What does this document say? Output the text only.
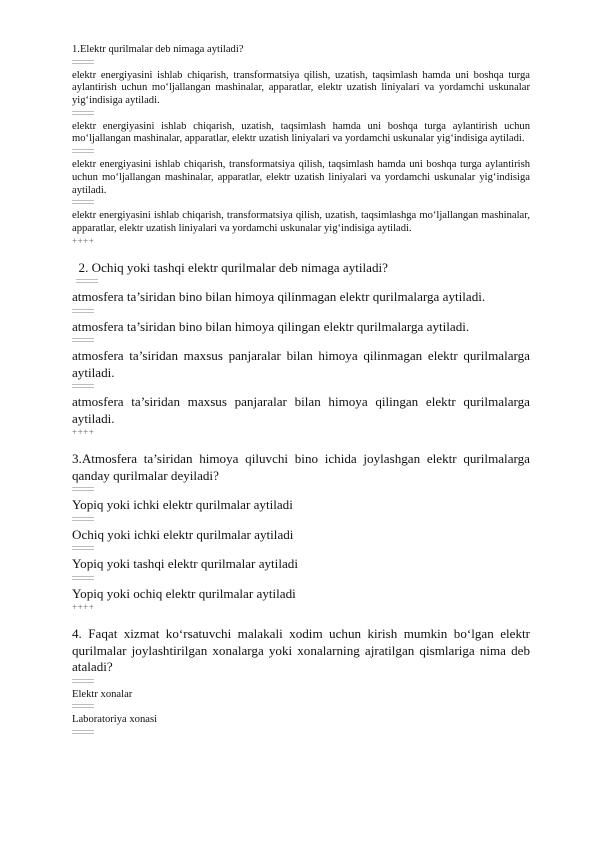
1.Elektr qurilmalar deb nimaga aytiladi?

elektr energiyasini ishlab chiqarish, transformatsiya qilish, uzatish, taqsimlash hamda uni boshqa turga aylantirish uchun mo‘ljallangan mashinalar, apparatlar, elektr uzatish liniyalari va yordamchi uskunalar yig‘indisiga aytiladi.

elektr energiyasini ishlab chiqarish, uzatish, taqsimlash hamda uni boshqa turga aylantirish uchun mo‘ljallangan mashinalar, apparatlar, elektr uzatish liniyalari va yordamchi uskunalar yig‘indisiga aytiladi.

elektr energiyasini ishlab chiqarish, transformatsiya qilish, taqsimlash hamda uni boshqa turga aylantirish uchun mo‘ljallangan mashinalar, apparatlar, elektr uzatish liniyalari va yordamchi uskunalar yig‘indisiga aytiladi.

elektr energiyasini ishlab chiqarish, transformatsiya qilish, uzatish, taqsimlashga mo‘ljallangan mashinalar, apparatlar, elektr uzatish liniyalari va yordamchi uskunalar yig‘indisiga aytiladi.

++++

2. Ochiq yoki tashqi elektr qurilmalar deb nimaga aytiladi?

atmosfera ta’siridan bino bilan himoya qilinmagan elektr qurilmalarga aytiladi.

atmosfera ta’siridan bino bilan himoya qilingan elektr qurilmalarga aytiladi.

atmosfera ta’siridan maxsus panjaralar bilan himoya qilinmagan elektr qurilmalarga aytiladi.

atmosfera ta’siridan maxsus panjaralar bilan himoya qilingan elektr qurilmalarga aytiladi.

++++

3.Atmosfera ta’siridan himoya qiluvchi bino ichida joylashgan elektr qurilmalarga qanday qurilmalar deyiladi?

Yopiq yoki ichki elektr qurilmalar aytiladi

Ochiq yoki ichki elektr qurilmalar aytiladi

Yopiq yoki tashqi elektr qurilmalar aytiladi

Yopiq yoki ochiq elektr qurilmalar aytiladi

++++

4. Faqat xizmat ko‘rsatuvchi malakali xodim uchun kirish mumkin bo‘lgan elektr qurilmalar joylashtirilgan xonalarga yoki xonalarning ajratilgan qismlariga nima deb ataladi?

Elektr xonalar

Laboratoriya xonasi
